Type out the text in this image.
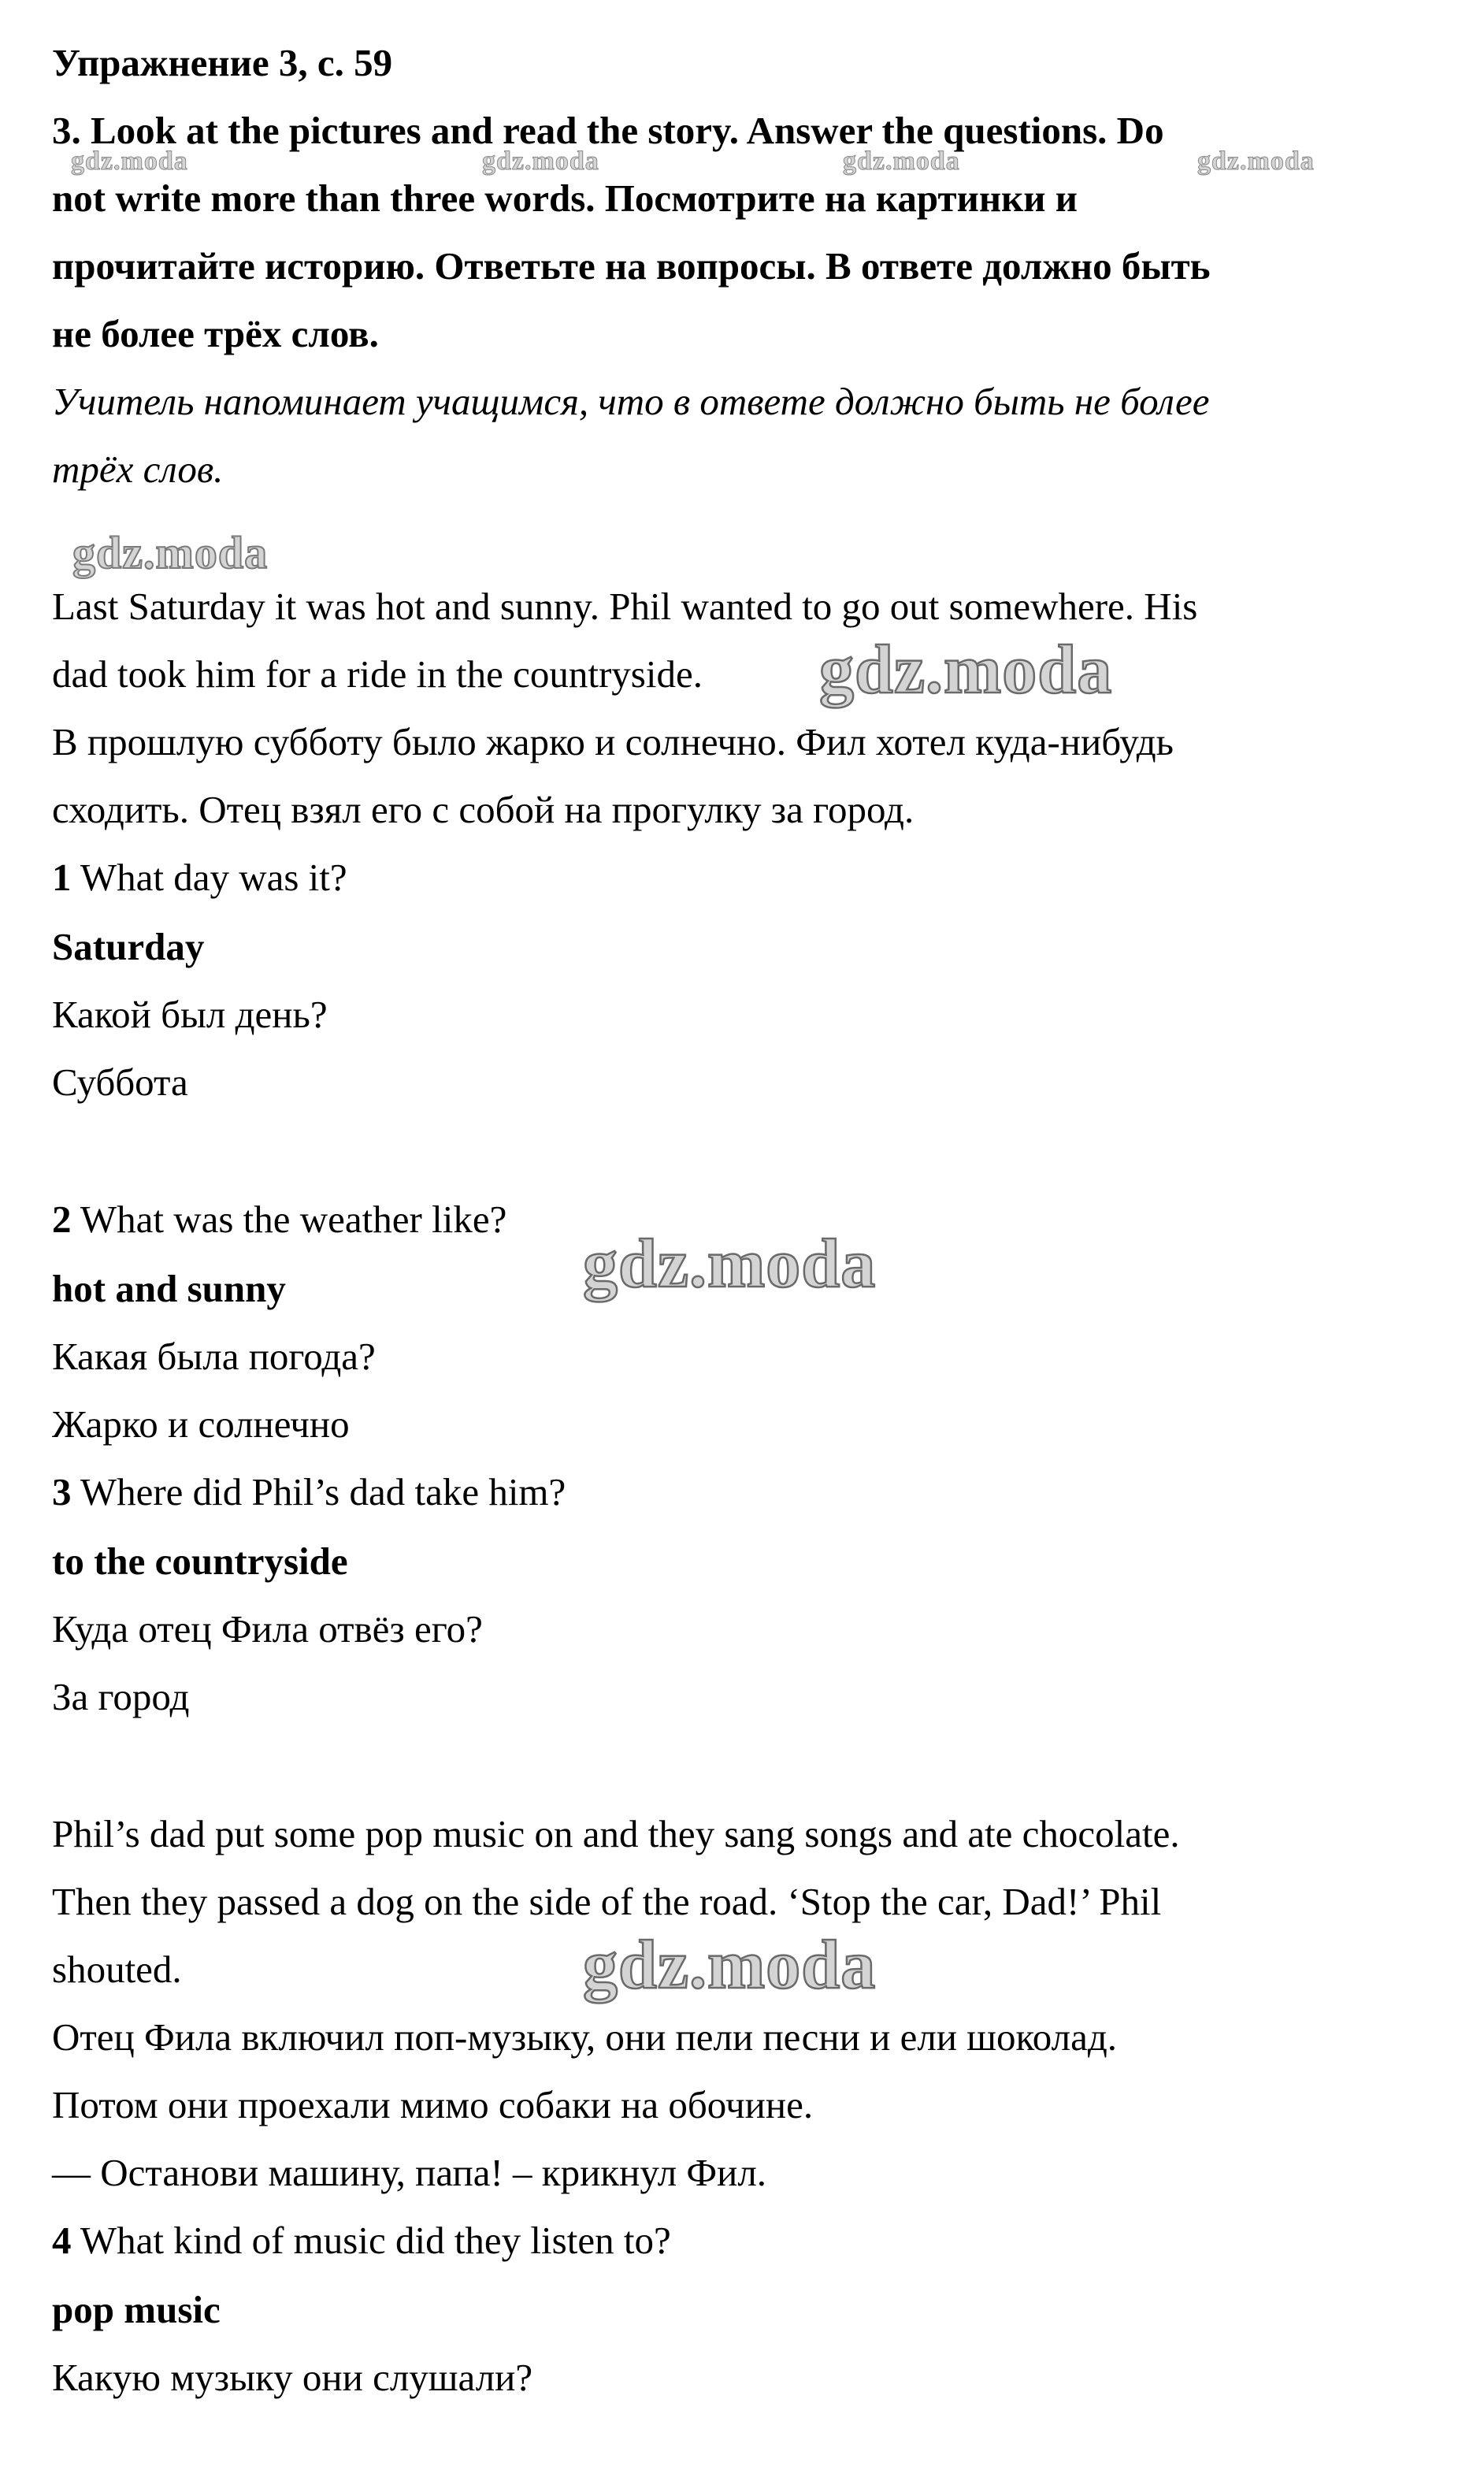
Упражнение 3, с. 59
3. Look at the pictures and read the story. Answer the questions. Do
not write more than three words. Посмотрите на картинки и
прочитайте историю. Ответьте на вопросы. В ответе должно быть
не более трёх слов.
Учитель напоминает учащимся, что в ответе должно быть не более
трёх слов.
Last Saturday it was hot and sunny. Phil wanted to go out somewhere. His
dad took him for a ride in the countryside.
В прошлую субботу было жарко и солнечно. Фил хотел куда-нибудь
сходить. Отец взял его с собой на прогулку за город.
1 What day was it?
Saturday
Какой был день?
Суббота
2 What was the weather like?
hot and sunny
Какая была погода?
Жарко и солнечно
3 Where did Phil’s dad take him?
to the countryside
Куда отец Фила отвёз его?
За город
Phil’s dad put some pop music on and they sang songs and ate chocolate.
Then they passed a dog on the side of the road. ‘Stop the car, Dad!’ Phil
shouted.
Отец Фила включил поп-музыку, они пели песни и ели шоколад.
Потом они проехали мимо собаки на обочине.
— Останови машину, папа! – крикнул Фил.
4 What kind of music did they listen to?
pop music
Какую музыку они слушали?
gdz.moda	gdz.moda	gdz.moda	gdz.moda
gdz.moda
gdz.moda
gdz.moda
gdz.moda
